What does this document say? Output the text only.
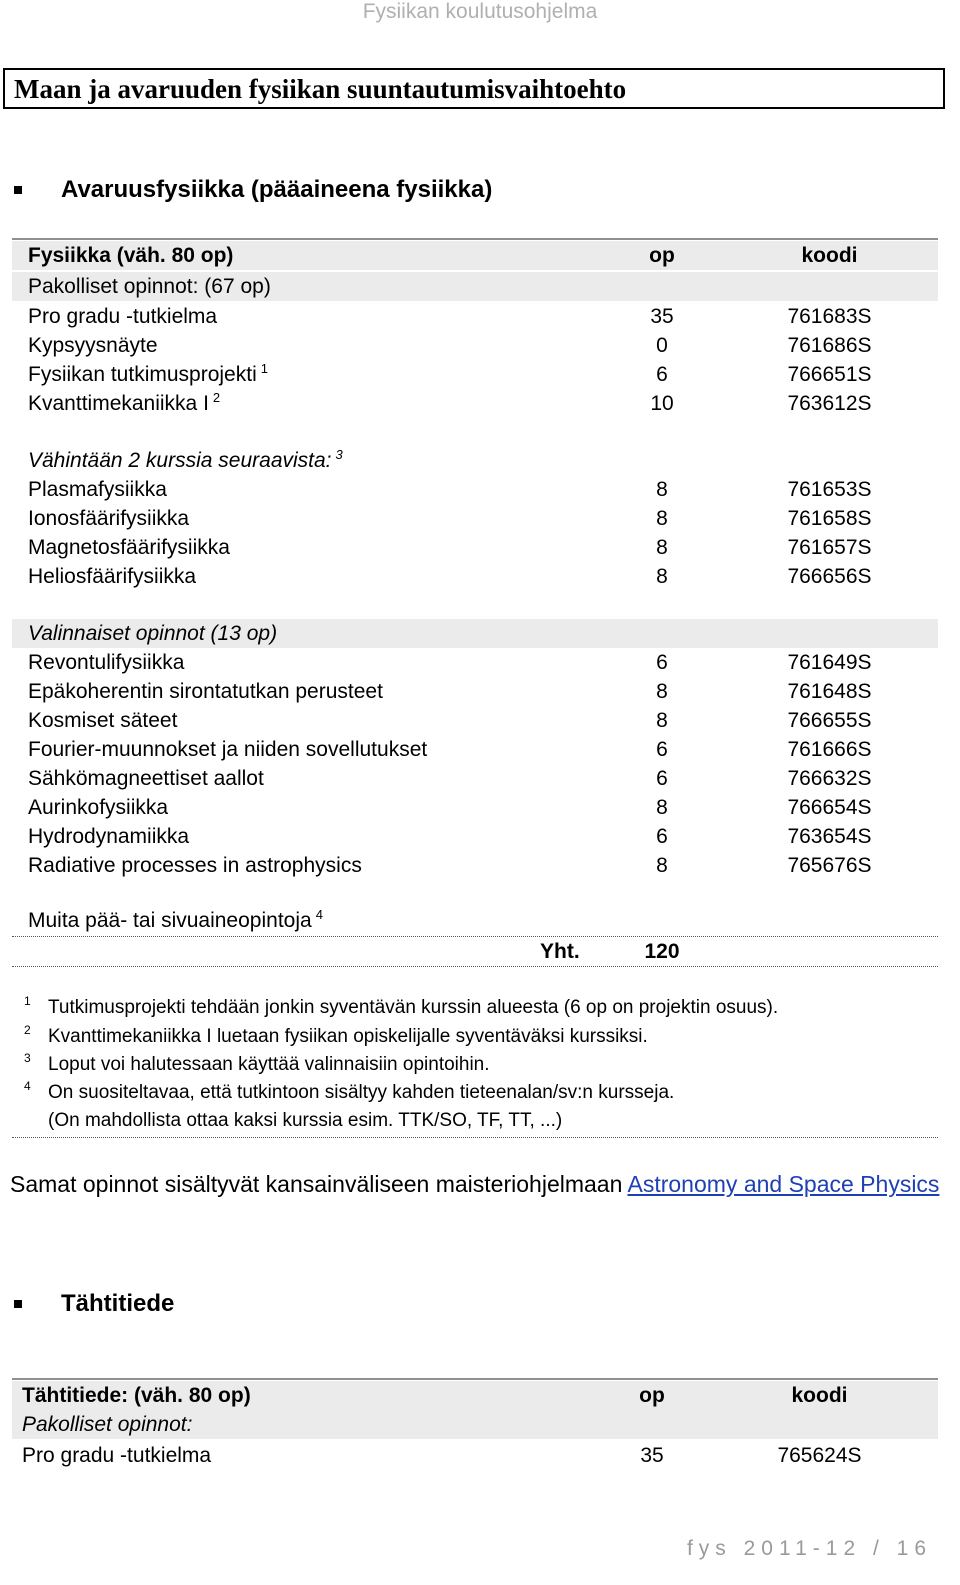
Fysiikan koulutusohjelma
Maan ja avaruuden fysiikan suuntautumisvaihtoehto
Avaruusfysiikka (pääaineena fysiikka)
Fysiikka (väh. 80 op)	op	koodi
Pakolliset opinnot: (67 op)
Pro gradu -tutkielma	35	761683S
Kypsyysnäyte	0	761686S
Fysiikan tutkimusprojekti $^1$	6	766651S
Kvanttimekaniikka I $^2$	10	763612S
Vähintään 2 kurssia seuraavista: $^3$
Plasmafysiikka	8	761653S
Ionosfäärifysiikka	8	761658S
Magnetosfäärifysiikka	8	761657S
Heliosfäärifysiikka	8	766656S
Valinnaiset opinnot (13 op)
Revontulifysiikka	6	761649S
Epäkoherentin sirontatutkan perusteet	8	761648S
Kosmiset säteet	8	766655S
Fourier-muunnokset ja niiden sovellutukset	6	761666S
Sähkömagneettiset aallot	6	766632S
Aurinkofysiikka	8	766654S
Hydrodynamiikka	6	763654S
Radiative processes in astrophysics	8	765676S
Muita pää- tai sivuaineopintoja $^4$
Yht.	120
1 Tutkimusprojekti tehdään jonkin syventävän kurssin alueesta (6 op on projektin osuus).
2 Kvanttimekaniikka I luetaan fysiikan opiskelijalle syventäväksi kurssiksi.
3 Loput voi halutessaan käyttää valinnaisiin opintoihin.
4 On suositeltavaa, että tutkintoon sisältyy kahden tieteenalan/sv:n kursseja.
(On mahdollista ottaa kaksi kurssia esim. TTK/SO, TF, TT, ...)
Samat opinnot sisältyvät kansainväliseen maisteriohjelmaan Astronomy and Space Physics
Tähtitiede
Tähtitiede: (väh. 80 op)	op	koodi
Pakolliset opinnot:
Pro gradu -tutkielma	35	765624S
fys 2011-12 / 16
